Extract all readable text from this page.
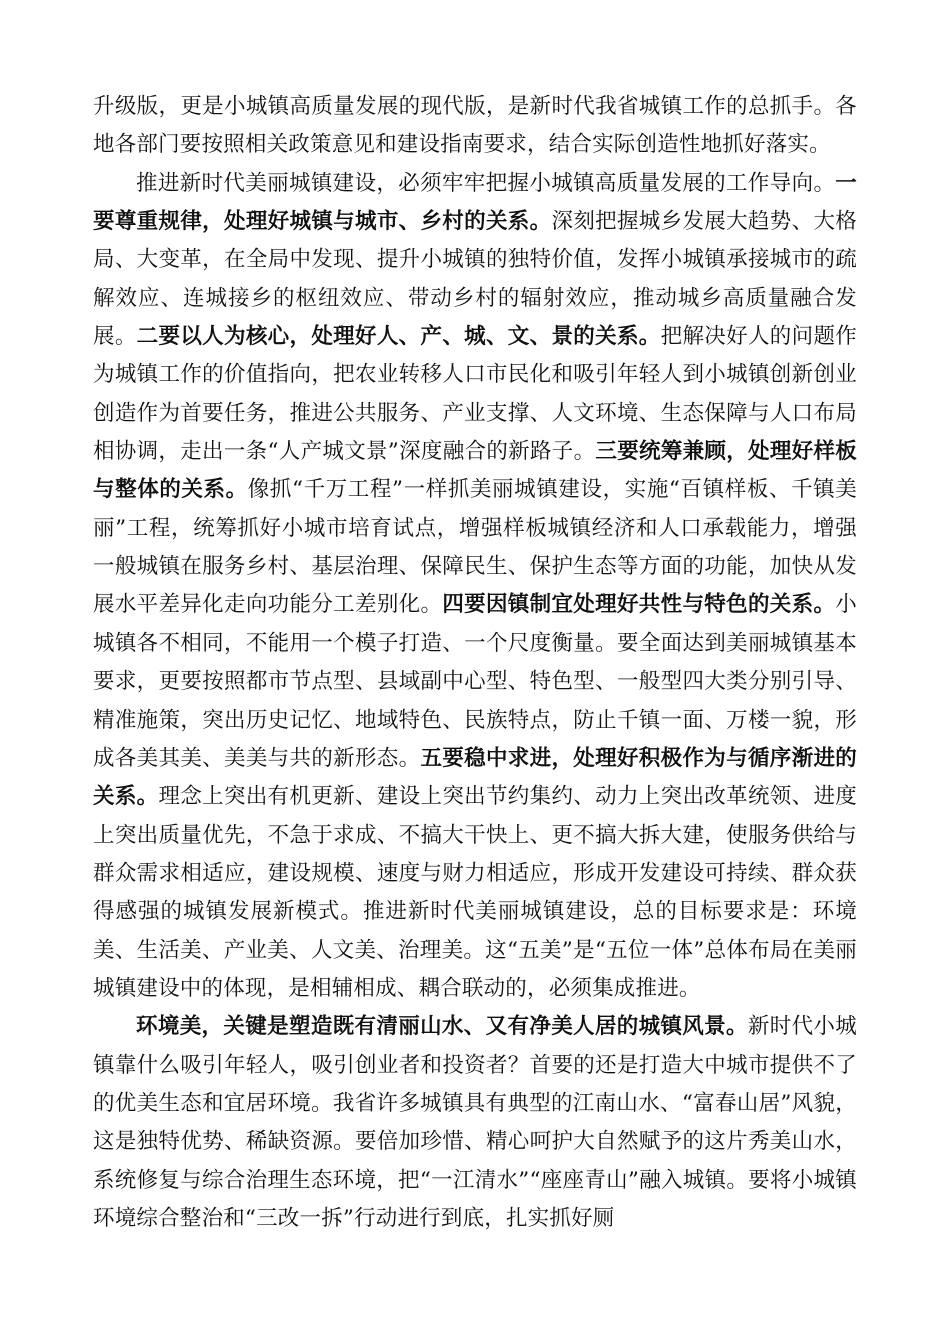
升级版，更是小城镇高质量发展的现代版，是新时代我省城镇工作的总抓手。各地各部门要按照相关政策意见和建设指南要求，结合实际创造性地抓好落实。

推进新时代美丽城镇建设，必须牢牢把握小城镇高质量发展的工作导向。一要尊重规律，处理好城镇与城市、乡村的关系。深刻把握城乡发展大趋势、大格局、大变革，在全局中发现、提升小城镇的独特价值，发挥小城镇承接城市的疏解效应、连城接乡的枢纽效应、带动乡村的辐射效应，推动城乡高质量融合发展。二要以人为核心，处理好人、产、城、文、景的关系。把解决好人的问题作为城镇工作的价值指向，把农业转移人口市民化和吸引年轻人到小城镇创新创业创造作为首要任务，推进公共服务、产业支撑、人文环境、生态保障与人口布局相协调，走出一条“人产城文景”深度融合的新路子。三要统筹兼顾，处理好样板与整体的关系。像抓“千万工程”一样抓美丽城镇建设，实施“百镇样板、千镇美丽”工程，统筹抓好小城市培育试点，增强样板城镇经济和人口承载能力，增强一般城镇在服务乡村、基层治理、保障民生、保护生态等方面的功能，加快从发展水平差异化走向功能分工差别化。四要因镇制宜处理好共性与特色的关系。小城镇各不相同，不能用一个模子打造、一个尺度衡量。要全面达到美丽城镇基本要求，更要按照都市节点型、县域副中心型、特色型、一般型四大类分别引导、精准施策，突出历史记忆、地域特色、民族特点，防止千镇一面、万楼一貌，形成各美其美、美美与共的新形态。五要稳中求进，处理好积极作为与循序渐进的关系。理念上突出有机更新、建设上突出节约集约、动力上突出改革统领、进度上突出质量优先，不急于求成、不搞大干快上、更不搞大拆大建，使服务供给与群众需求相适应，建设规模、速度与财力相适应，形成开发建设可持续、群众获得感强的城镇发展新模式。推进新时代美丽城镇建设，总的目标要求是：环境美、生活美、产业美、人文美、治理美。这“五美”是“五位一体”总体布局在美丽城镇建设中的体现，是相辅相成、耦合联动的，必须集成推进。

环境美，关键是塑造既有清丽山水、又有净美人居的城镇风景。新时代小城镇靠什么吸引年轻人，吸引创业者和投资者？首要的还是打造大中城市提供不了的优美生态和宜居环境。我省许多城镇具有典型的江南山水、“富春山居”风貌，这是独特优势、稀缺资源。要倍加珍惜、精心呵护大自然赋予的这片秀美山水，系统修复与综合治理生态环境，把“一江清水”“座座青山”融入城镇。要将小城镇环境综合整治和“三改一拆”行动进行到底，扎实抓好厕
